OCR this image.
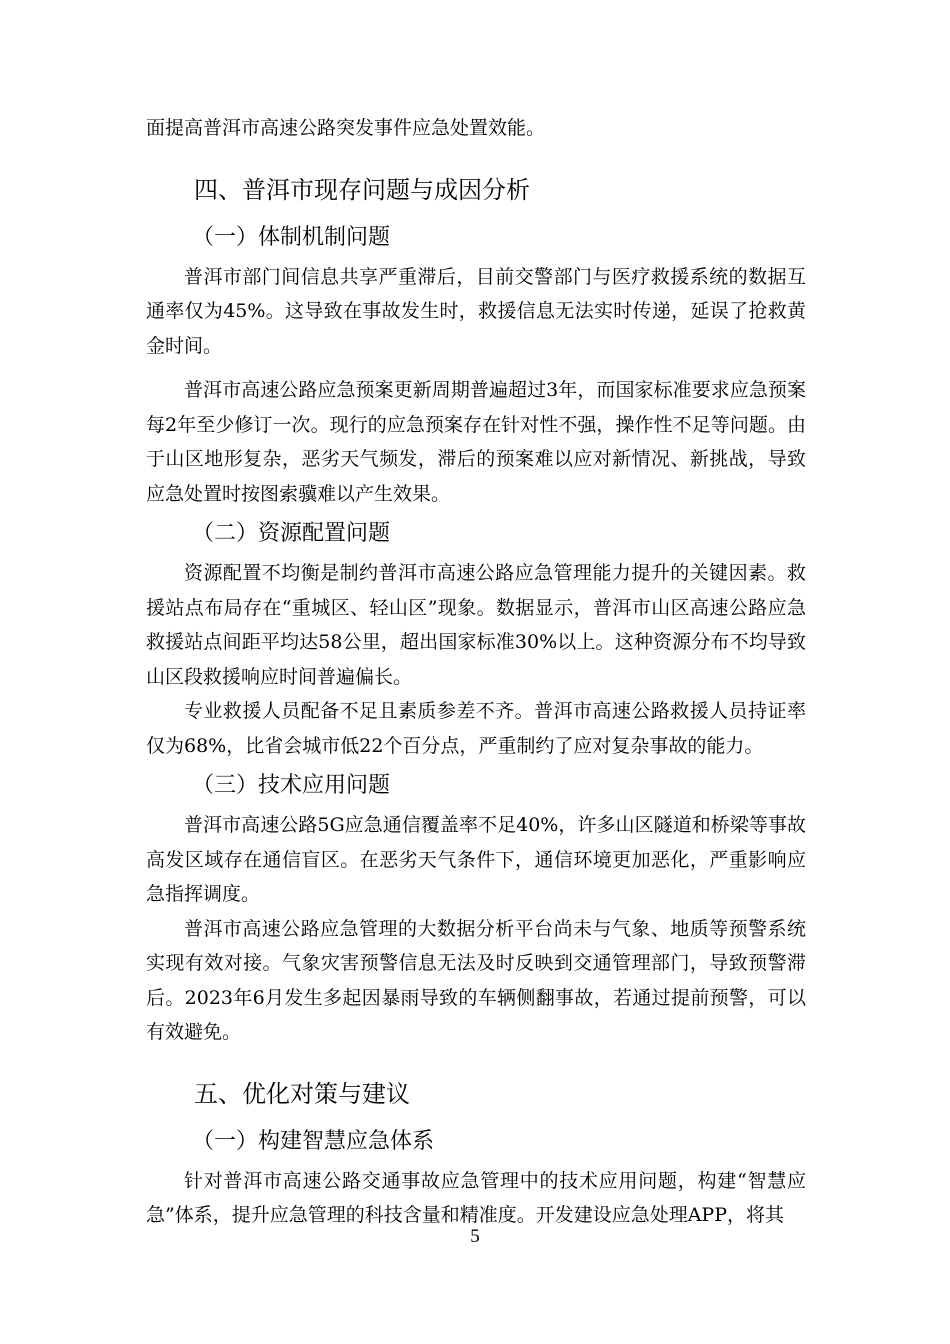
面提高普洱市高速公路突发事件应急处置效能。

四、普洱市现存问题与成因分析
（一）体制机制问题

普洱市部门间信息共享严重滞后，目前交警部门与医疗救援系统的数据互通率仅为45%。这导致在事故发生时，救援信息无法实时传递，延误了抢救黄金时间。

普洱市高速公路应急预案更新周期普遍超过3年，而国家标准要求应急预案每2年至少修订一次。现行的应急预案存在针对性不强，操作性不足等问题。由于山区地形复杂，恶劣天气频发，滞后的预案难以应对新情况、新挑战，导致应急处置时按图索骥难以产生效果。

（二）资源配置问题

资源配置不均衡是制约普洱市高速公路应急管理能力提升的关键因素。救援站点布局存在“重城区、轻山区”现象。数据显示，普洱市山区高速公路应急救援站点间距平均达58公里，超出国家标准30%以上。这种资源分布不均导致山区段救援响应时间普遍偏长。

专业救援人员配备不足且素质参差不齐。普洱市高速公路救援人员持证率仅为68%，比省会城市低22个百分点，严重制约了应对复杂事故的能力。

（三）技术应用问题

普洱市高速公路5G应急通信覆盖率不足40%，许多山区隧道和桥梁等事故高发区域存在通信盲区。在恶劣天气条件下，通信环境更加恶化，严重影响应急指挥调度。

普洱市高速公路应急管理的大数据分析平台尚未与气象、地质等预警系统实现有效对接。气象灾害预警信息无法及时反映到交通管理部门，导致预警滞后。2023年6月发生多起因暴雨导致的车辆侧翻事故，若通过提前预警，可以有效避免。

五、优化对策与建议
（一）构建智慧应急体系

针对普洱市高速公路交通事故应急管理中的技术应用问题，构建“智慧应急”体系，提升应急管理的科技含量和精准度。开发建设应急处理APP，将其

5
